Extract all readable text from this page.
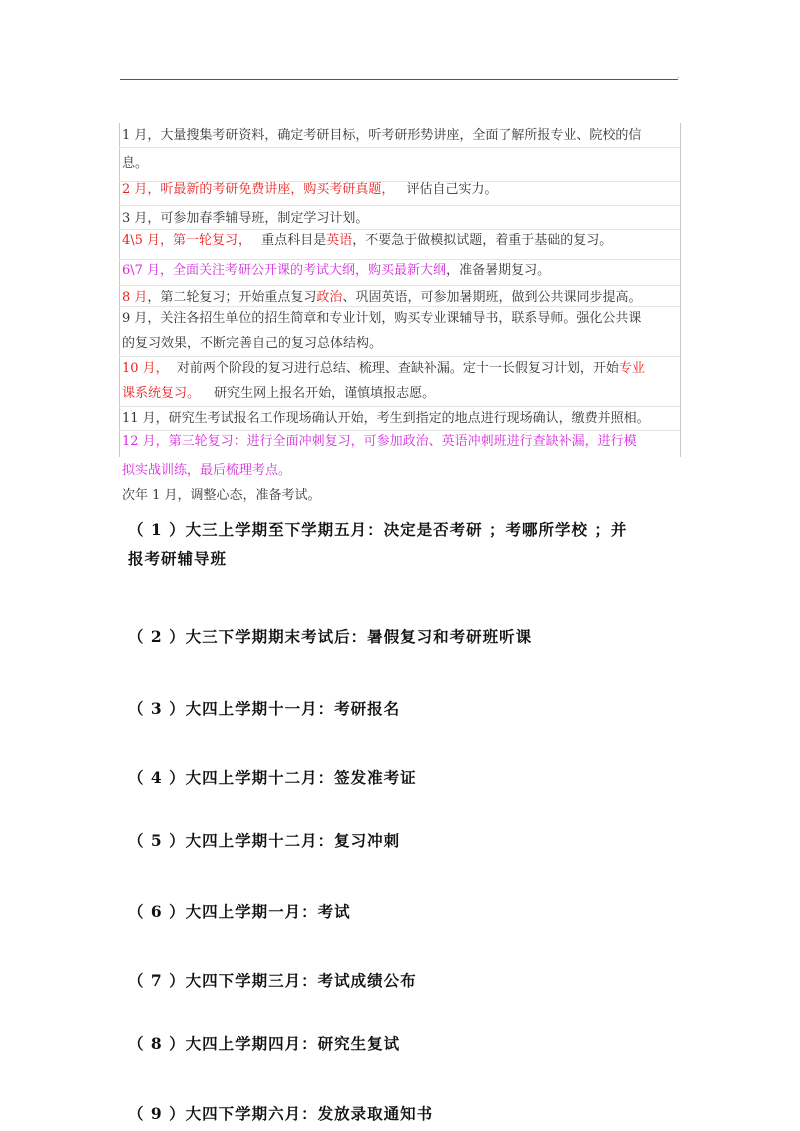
.
1 月，大量搜集考研资料，确定考研目标，听考研形势讲座，全面了解所报专业、院校的信
息。
2 月，听最新的考研免费讲座，购买考研真题， 评估自己实力。
3 月，可参加春季辅导班，制定学习计划。
4\5 月，第一轮复习， 重点科目是英语，不要急于做模拟试题，着重于基础的复习。
6\7 月，全面关注考研公开课的考试大纲，购买最新大纲，准备暑期复习。
8 月，第二轮复习；开始重点复习政治、巩固英语，可参加暑期班，做到公共课同步提高。
9 月，关注各招生单位的招生简章和专业计划，购买专业课辅导书，联系导师。强化公共课
的复习效果，不断完善自己的复习总体结构。
10 月， 对前两个阶段的复习进行总结、梳理、查缺补漏。定十一长假复习计划，开始专业
课系统复习。 研究生网上报名开始，谨慎填报志愿。
11 月，研究生考试报名工作现场确认开始，考生到指定的地点进行现场确认，缴费并照相。
12 月，第三轮复习：进行全面冲刺复习，可参加政治、英语冲刺班进行查缺补漏，进行模
拟实战训练，最后梳理考点。
次年 1 月，调整心态，准备考试。
（ 1 ）大三上学期至下学期五月：决定是否考研 ；考哪所学校 ；并
报考研辅导班
（ 2 ）大三下学期期末考试后：暑假复习和考研班听课
（ 3 ）大四上学期十一月：考研报名
（ 4 ）大四上学期十二月：签发准考证
（ 5 ）大四上学期十二月：复习冲刺
（ 6 ）大四上学期一月：考试
（ 7 ）大四下学期三月：考试成绩公布
（ 8 ）大四上学期四月：研究生复试
（ 9 ）大四下学期六月：发放录取通知书
